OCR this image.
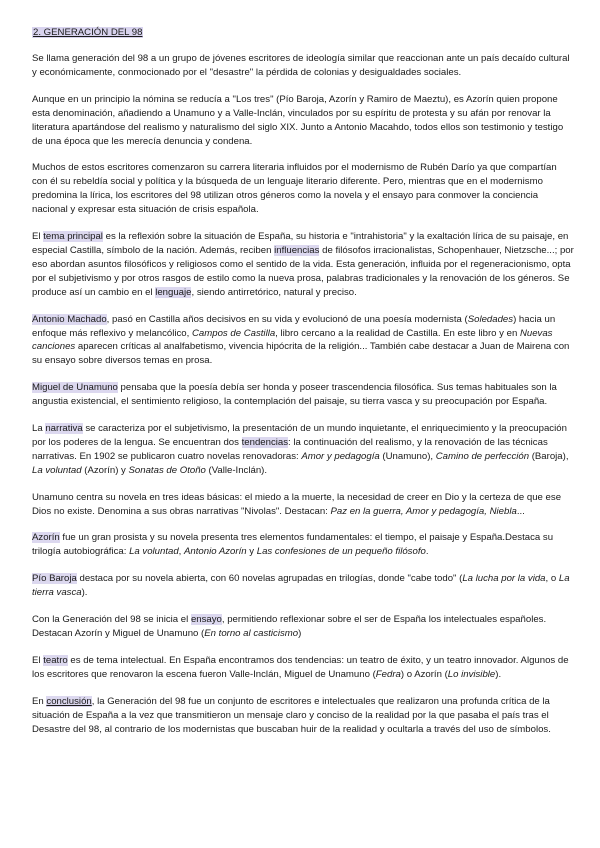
2. GENERACIÓN DEL 98

Se llama generación del 98 a un grupo de jóvenes escritores de ideología similar que reaccionan ante un país decaído cultural y económicamente, conmocionado por el "desastre" la pérdida de colonias y desigualdades sociales.

Aunque en un principio la nómina se reducía a "Los tres" (Pío Baroja, Azorín y Ramiro de Maeztu), es Azorín quien propone esta denominación, añadiendo a Unamuno y a Valle-Inclán, vinculados por su espíritu de protesta y su afán por renovar la literatura apartándose del realismo y naturalismo del siglo XIX. Junto a Antonio Macahdo, todos ellos son testimonio y testigo de una época que les merecía denuncia y condena.

Muchos de estos escritores comenzaron su carrera literaria influidos por el modernismo de Rubén Darío ya que compartían con él su rebeldía social y política y la búsqueda de un lenguaje literario diferente. Pero, mientras que en el modernismo predomina la lírica, los escritores del 98 utilizan otros géneros como la novela y el ensayo para conmover la conciencia nacional y expresar esta situación de crisis española.

El tema principal es la reflexión sobre la situación de España, su historia e "intrahistoria" y la exaltación lírica de su paisaje, en especial Castilla, símbolo de la nación. Además, reciben influencias de filósofos irracionalistas, Schopenhauer, Nietzsche...; por eso abordan asuntos filosóficos y religiosos como el sentido de la vida. Esta generación, influida por el regeneracionismo, opta por el subjetivismo y por otros rasgos de estilo como la nueva prosa, palabras tradicionales y la renovación de los géneros. Se produce así un cambio en el lenguaje, siendo antirretórico, natural y preciso.

Antonio Machado, pasó en Castilla años decisivos en su vida y evolucionó de una poesía modernista (Soledades) hacia un enfoque más reflexivo y melancólico, Campos de Castilla, libro cercano a la realidad de Castilla. En este libro y en Nuevas canciones aparecen críticas al analfabetismo, vivencia hipócrita de la religión... También cabe destacar a Juan de Mairena con su ensayo sobre diversos temas en prosa.

Miguel de Unamuno pensaba que la poesía debía ser honda y poseer trascendencia filosófica. Sus temas habituales son la angustia existencial, el sentimiento religioso, la contemplación del paisaje, su tierra vasca y su preocupación por España.

La narrativa se caracteriza por el subjetivismo, la presentación de un mundo inquietante, el enriquecimiento y la preocupación por los poderes de la lengua. Se encuentran dos tendencias: la continuación del realismo, y la renovación de las técnicas narrativas. En 1902 se publicaron cuatro novelas renovadoras: Amor y pedagogía (Unamuno), Camino de perfección (Baroja), La voluntad (Azorín) y Sonatas de Otoño (Valle-Inclán).

Unamuno centra su novela en tres ideas básicas: el miedo a la muerte, la necesidad de creer en Dio y la certeza de que ese Dios no existe. Denomina a sus obras narrativas "Nivolas". Destacan: Paz en la guerra, Amor y pedagogía, Niebla...

Azorín fue un gran prosista y su novela presenta tres elementos fundamentales: el tiempo, el paisaje y España.Destaca su trilogía autobiográfica: La voluntad, Antonio Azorín y Las confesiones de un pequeño filósofo.

Pío Baroja destaca por su novela abierta, con 60 novelas agrupadas en trilogías, donde "cabe todo" (La lucha por la vida, o La tierra vasca).

Con la Generación del 98 se inicia el ensayo, permitiendo reflexionar sobre el ser de España los intelectuales españoles. Destacan Azorín y Miguel de Unamuno (En torno al casticismo)

El teatro es de tema intelectual. En España encontramos dos tendencias: un teatro de éxito, y un teatro innovador. Algunos de los escritores que renovaron la escena fueron Valle-Inclán, Miguel de Unamuno (Fedra) o Azorín (Lo invisible).

En conclusión, la Generación del 98 fue un conjunto de escritores e intelectuales que realizaron una profunda crítica de la situación de España a la vez que transmitieron un mensaje claro y conciso de la realidad por la que pasaba el país tras el Desastre del 98, al contrario de los modernistas que buscaban huir de la realidad y ocultarla a través del uso de símbolos.
